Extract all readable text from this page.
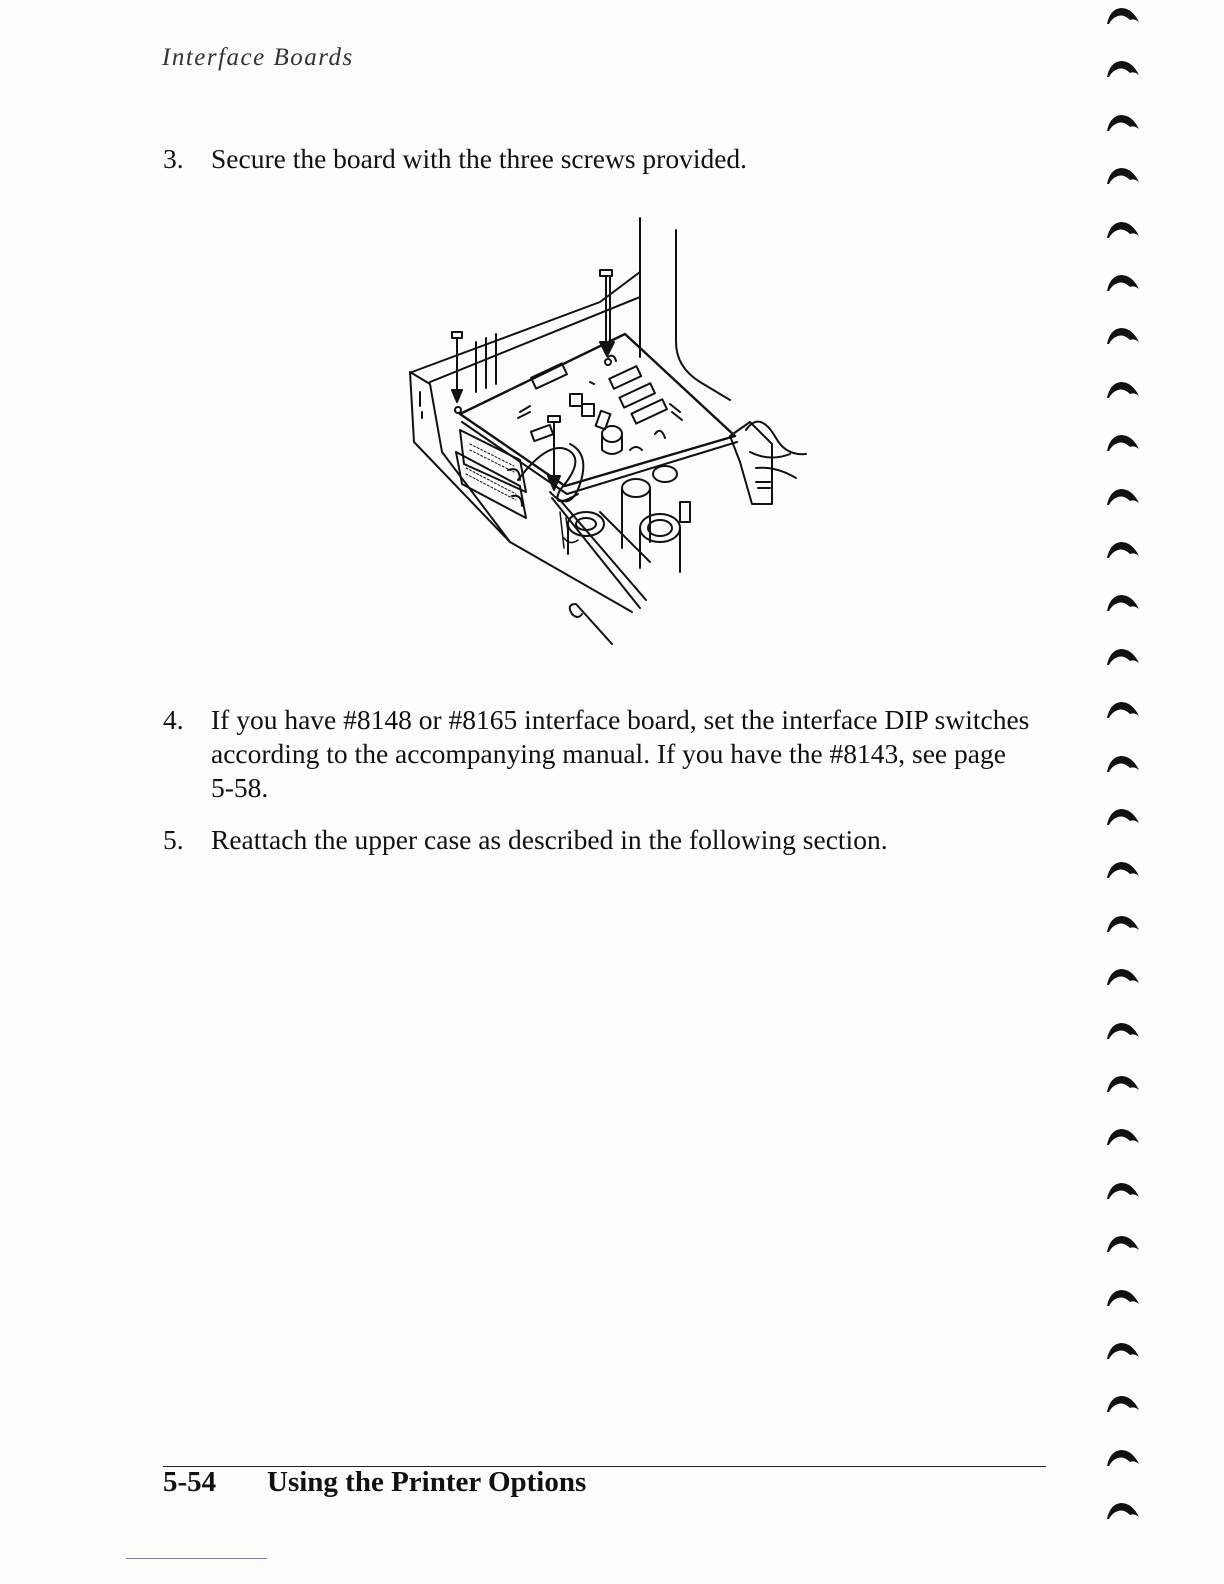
Interface Boards
3. Secure the board with the three screws provided.
4. If you have #8148 or #8165 interface board, set the interface DIP switches according to the accompanying manual. If you have the #8143, see page 5-58.
5. Reattach the upper case as described in the following section.
5-54 Using the Printer Options
